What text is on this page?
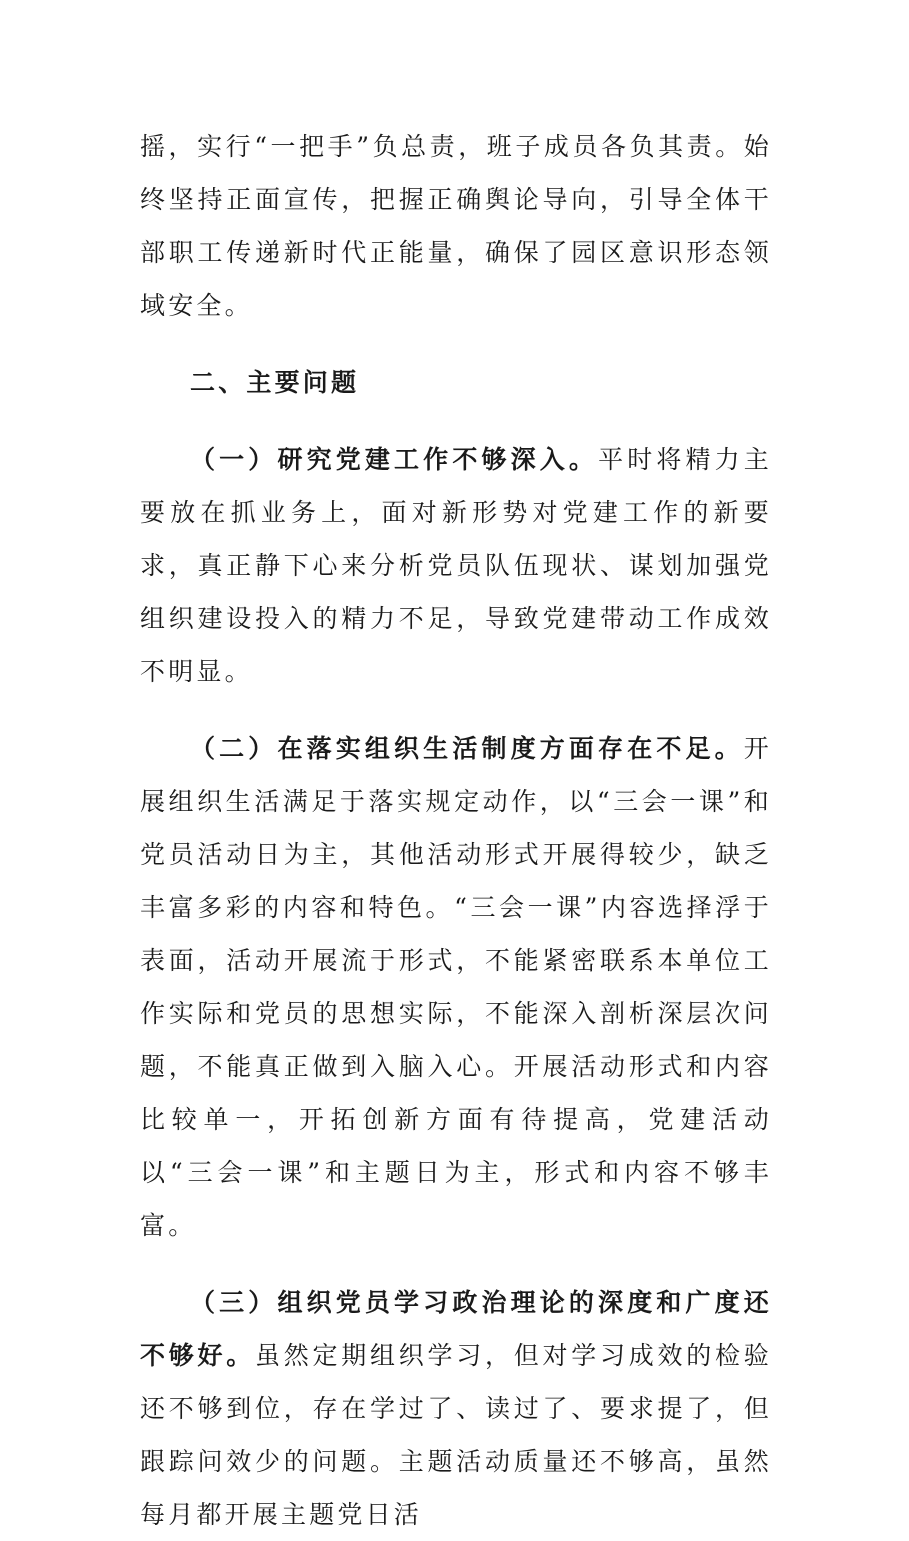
摇，实行“一把手”负总责，班子成员各负其责。始终坚持正面宣传，把握正确舆论导向，引导全体干部职工传递新时代正能量，确保了园区意识形态领域安全。

二、主要问题

（一）研究党建工作不够深入。平时将精力主要放在抓业务上，面对新形势对党建工作的新要求，真正静下心来分析党员队伍现状、谋划加强党组织建设投入的精力不足，导致党建带动工作成效不明显。

（二）在落实组织生活制度方面存在不足。开展组织生活满足于落实规定动作，以“三会一课”和党员活动日为主，其他活动形式开展得较少，缺乏丰富多彩的内容和特色。“三会一课”内容选择浮于表面，活动开展流于形式，不能紧密联系本单位工作实际和党员的思想实际，不能深入剖析深层次问题，不能真正做到入脑入心。开展活动形式和内容比较单一，开拓创新方面有待提高，党建活动以“三会一课”和主题日为主，形式和内容不够丰富。

（三）组织党员学习政治理论的深度和广度还不够好。虽然定期组织学习，但对学习成效的检验还不够到位，存在学过了、读过了、要求提了，但跟踪问效少的问题。主题活动质量还不够高，虽然每月都开展主题党日活
